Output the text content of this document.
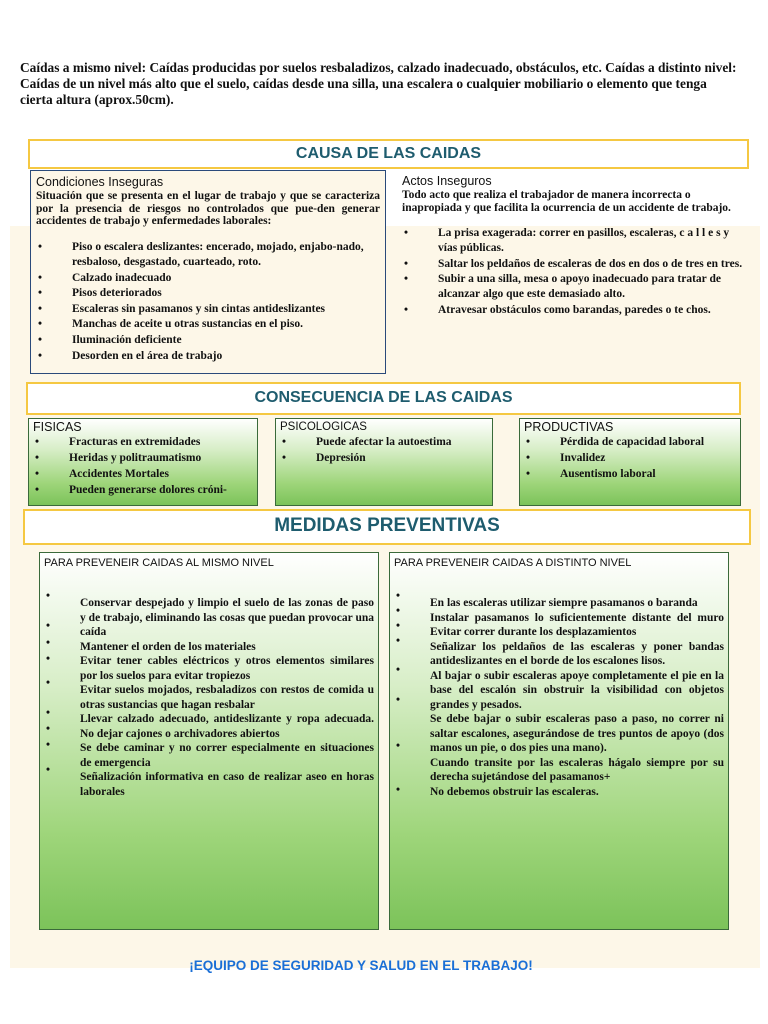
Caídas a mismo nivel: Caídas producidas por suelos resbaladizos, calzado inadecuado, obstáculos, etc. Caídas a distinto nivel: Caídas de un nivel más alto que el suelo, caídas desde una silla, una escalera o cualquier mobiliario o elemento que tenga cierta altura (aprox.50cm).
CAUSA DE LAS CAIDAS
Condiciones Inseguras
Situación que se presenta en el lugar de trabajo y que se caracteriza por la presencia de riesgos no controlados que pue-den generar accidentes de trabajo y enfermedades laborales:
•	Piso o escalera deslizantes: encerado, mojado, enjabo-nado, resbaloso, desgastado, cuarteado, roto.
•	Calzado inadecuado
•	Pisos deteriorados
•	Escaleras sin pasamanos y sin cintas antideslizantes
•	Manchas de aceite u otras sustancias en el piso.
•	Iluminación deficiente
•	Desorden en el área de trabajo
Actos Inseguros
Todo acto que realiza el trabajador de manera incorrecta o inapropiada y que facilita la ocurrencia de un accidente de trabajo.
•	La prisa exagerada: correr en pasillos, escaleras, c a l l e s y vías públicas.
•	Saltar los peldaños de escaleras de dos en dos o de tres en tres.
•	Subir a una silla, mesa o apoyo inadecuado para tratar de alcanzar algo que este demasiado alto.
•	Atravesar obstáculos como barandas, paredes o te chos.
CONSECUENCIA DE LAS CAIDAS
FISICAS
•	Fracturas en extremidades
•	Heridas y politraumatismo
•	Accidentes Mortales
•	Pueden generarse dolores cróni-
PSICOLOGICAS
•	Puede afectar la autoestima
•	Depresión
PRODUCTIVAS
•	Pérdida de capacidad laboral
•	Invalidez
•	Ausentismo laboral
MEDIDAS PREVENTIVAS
PARA PREVENEIR CAIDAS AL MISMO NIVEL
•
•
•
•
•
•
•
•
•
Conservar despejado y limpio el suelo de las zonas de paso y de trabajo, eliminando las cosas que puedan provocar una caída
Mantener el orden de los materiales
Evitar tener cables eléctricos y otros elementos similares por los suelos para evitar tropiezos
Evitar suelos mojados, resbaladizos con restos de comida u otras sustancias que hagan resbalar
Llevar calzado adecuado, antideslizante y ropa adecuada. No dejar cajones o archivadores abiertos
Se debe caminar y no correr especialmente en situaciones de emergencia
Señalización informativa en caso de realizar aseo en horas laborales
PARA PREVENEIR CAIDAS A DISTINTO NIVEL
•
•
•
•
•
•
•
•
En las escaleras utilizar siempre pasamanos o baranda
Instalar pasamanos lo suficientemente distante del muro Evitar correr durante los desplazamientos
Señalizar los peldaños de las escaleras y poner bandas antideslizantes en el borde de los escalones lisos.
Al bajar o subir escaleras apoye completamente el pie en la base del escalón sin obstruir la visibilidad con objetos grandes y pesados.
Se debe bajar o subir escaleras paso a paso, no correr ni saltar escalones, asegurándose de tres puntos de apoyo (dos manos un pie, o dos pies una mano).
Cuando transite por las escaleras hágalo siempre por su derecha sujetándose del pasamanos+
No debemos obstruir las escaleras.
¡EQUIPO DE SEGURIDAD Y SALUD EN EL TRABAJO!
